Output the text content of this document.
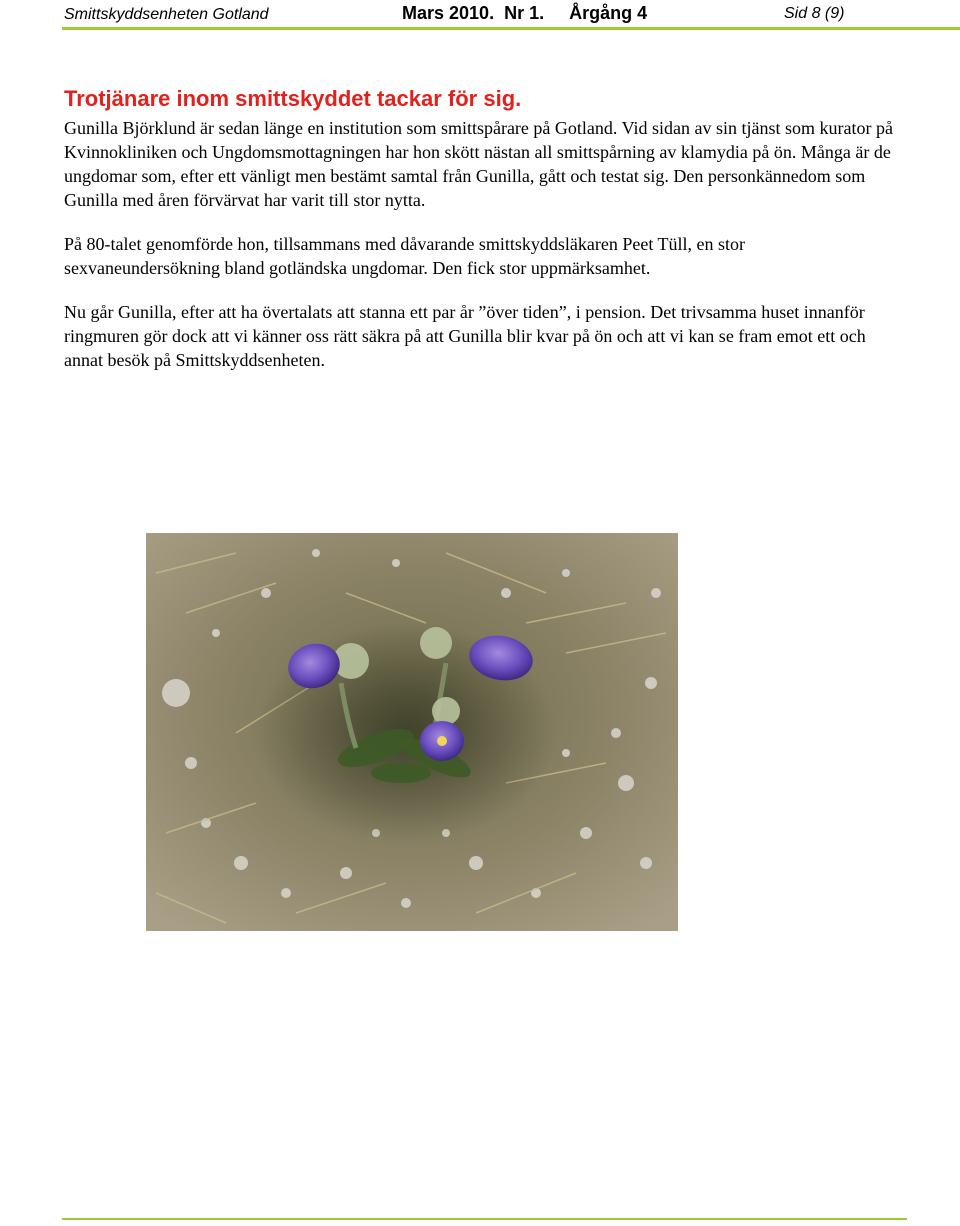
Smittskyddsenheten Gotland	Mars 2010. Nr 1. Årgång 4	Sid 8 (9)
Trotjänare inom smittskyddet tackar för sig.

Gunilla Björklund är sedan länge en institution som smittspårare på Gotland. Vid sidan av sin tjänst som kurator på Kvinnokliniken och Ungdomsmottagningen har hon skött nästan all smittspårning av klamydia på ön. Många är de ungdomar som, efter ett vänligt men bestämt samtal från Gunilla, gått och testat sig. Den personkännedom som Gunilla med åren förvärvat har varit till stor nytta.

På 80-talet genomförde hon, tillsammans med dåvarande smittskyddsläkaren Peet Tüll, en stor sexvaneundersökning bland gotländska ungdomar. Den fick stor uppmärksamhet.

Nu går Gunilla, efter att ha övertalats att stanna ett par år ”över tiden”, i pension. Det trivsamma huset innanför ringmuren gör dock att vi känner oss rätt säkra på att Gunilla blir kvar på ön och att vi kan se fram emot ett och annat besök på Smittskyddsenheten.
